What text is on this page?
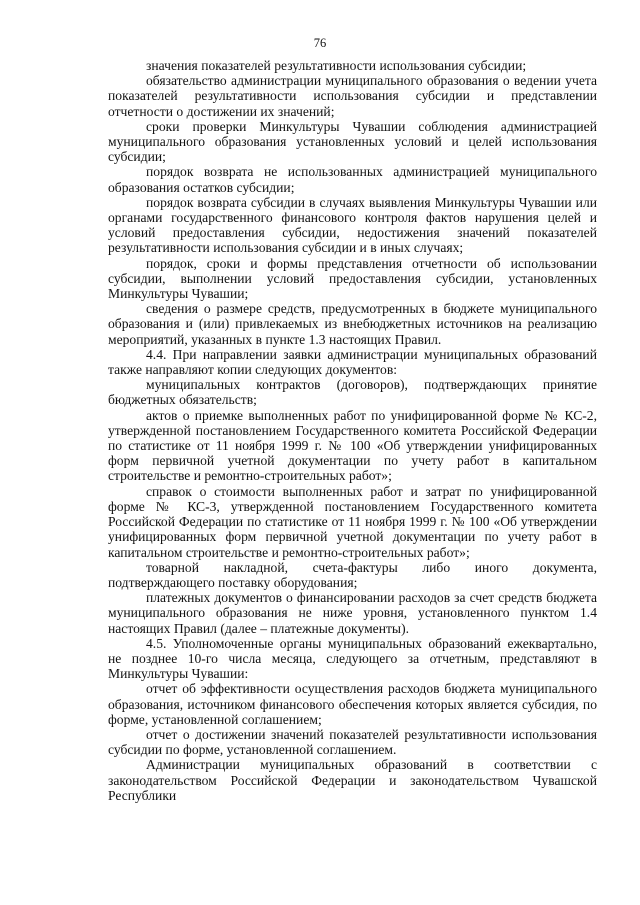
76

значения показателей результативности использования субсидии;

обязательство администрации муниципального образования о ведении учета показателей результативности использования субсидии и представлении отчетности о достижении их значений;

сроки проверки Минкультуры Чувашии соблюдения администрацией муниципального образования установленных условий и целей использования субсидии;

порядок возврата не использованных администрацией муниципального образования остатков субсидии;

порядок возврата субсидии в случаях выявления Минкультуры Чувашии или органами государственного финансового контроля фактов нарушения целей и условий предоставления субсидии, недостижения значений показателей результативности использования субсидии и в иных случаях;

порядок, сроки и формы представления отчетности об использовании субсидии, выполнении условий предоставления субсидии, установленных Минкультуры Чувашии;

сведения о размере средств, предусмотренных в бюджете муниципального образования и (или) привлекаемых из внебюджетных источников на реализацию мероприятий, указанных в пункте 1.3 настоящих Правил.

4.4. При направлении заявки администрации муниципальных образований также направляют копии следующих документов:

муниципальных контрактов (договоров), подтверждающих принятие бюджетных обязательств;

актов о приемке выполненных работ по унифицированной форме № КС-2, утвержденной постановлением Государственного комитета Российской Федерации по статистике от 11 ноября 1999 г. № 100 «Об утверждении унифицированных форм первичной учетной документации по учету работ в капитальном строительстве и ремонтно-строительных работ»;

справок о стоимости выполненных работ и затрат по унифицированной форме № КС-3, утвержденной постановлением Государственного комитета Российской Федерации по статистике от 11 ноября 1999 г. № 100 «Об утверждении унифицированных форм первичной учетной документации по учету работ в капитальном строительстве и ремонтно-строительных работ»;

товарной накладной, счета-фактуры либо иного документа, подтверждающего поставку оборудования;

платежных документов о финансировании расходов за счет средств бюджета муниципального образования не ниже уровня, установленного пунктом 1.4 настоящих Правил (далее – платежные документы).

4.5. Уполномоченные органы муниципальных образований ежеквартально, не позднее 10-го числа месяца, следующего за отчетным, представляют в Минкультуры Чувашии:

отчет об эффективности осуществления расходов бюджета муниципального образования, источником финансового обеспечения которых является субсидия, по форме, установленной соглашением;

отчет о достижении значений показателей результативности использования субсидии по форме, установленной соглашением.

Администрации муниципальных образований в соответствии с законодательством Российской Федерации и законодательством Чувашской Республики
